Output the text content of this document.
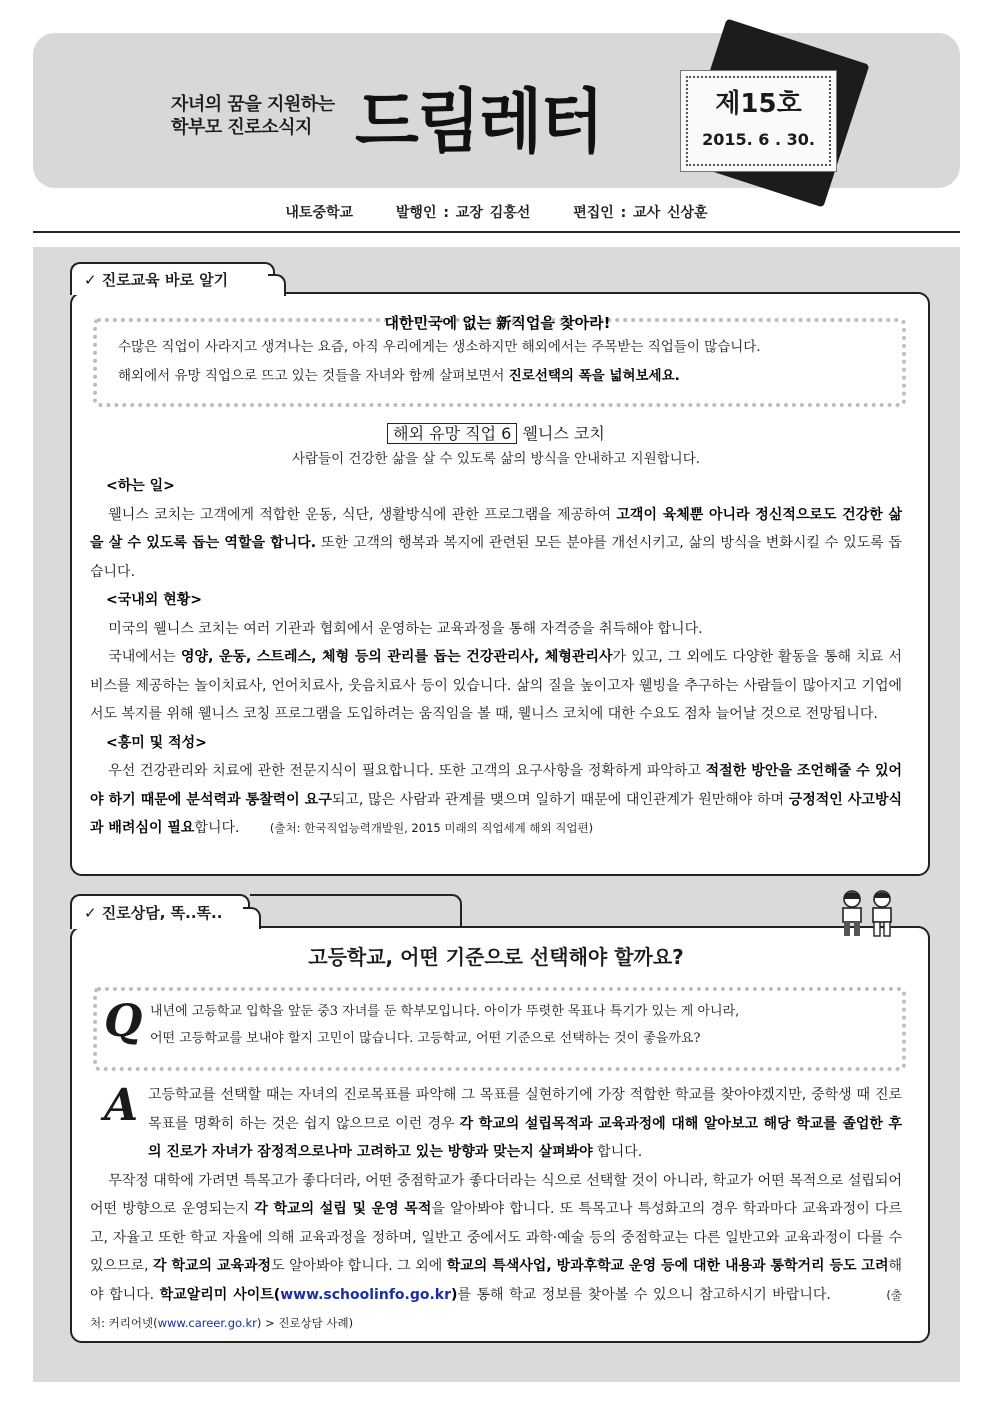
자녀의 꿈을 지원하는
학부모 진로소식지 드림레터	제15호
2015. 6 . 30.
내토중학교	발행인 : 교장 김홍선	편집인 : 교사 신상훈
✓ 진로교육 바로 알기
대한민국에 없는 新직업을 찾아라!

수많은 직업이 사라지고 생겨나는 요즘, 아직 우리에게는 생소하지만 해외에서는 주목받는 직업들이 많습니다.

해외에서 유망 직업으로 뜨고 있는 것들을 자녀와 함께 살펴보면서 진로선택의 폭을 넓혀보세요.

해외 유망 직업 6 웰니스 코치
사람들이 건강한 삶을 살 수 있도록 삶의 방식을 안내하고 지원합니다.

<하는 일>

웰니스 코치는 고객에게 적합한 운동, 식단, 생활방식에 관한 프로그램을 제공하여 고객이 육체뿐 아니라 정신적으로도 건강한 삶을 살 수 있도록 돕는 역할을 합니다. 또한 고객의 행복과 복지에 관련된 모든 분야를 개선시키고, 삶의 방식을 변화시킬 수 있도록 돕습니다.

<국내외 현황>

미국의 웰니스 코치는 여러 기관과 협회에서 운영하는 교육과정을 통해 자격증을 취득해야 합니다.

국내에서는 영양, 운동, 스트레스, 체형 등의 관리를 돕는 건강관리사, 체형관리사가 있고, 그 외에도 다양한 활동을 통해 치료 서비스를 제공하는 놀이치료사, 언어치료사, 웃음치료사 등이 있습니다. 삶의 질을 높이고자 웰빙을 추구하는 사람들이 많아지고 기업에서도 복지를 위해 웰니스 코칭 프로그램을 도입하려는 움직임을 볼 때, 웰니스 코치에 대한 수요도 점차 늘어날 것으로 전망됩니다.

<흥미 및 적성>

우선 건강관리와 치료에 관한 전문지식이 필요합니다. 또한 고객의 요구사항을 정확하게 파악하고 적절한 방안을 조언해줄 수 있어야 하기 때문에 분석력과 통찰력이 요구되고, 많은 사람과 관계를 맺으며 일하기 때문에 대인관계가 원만해야 하며 긍정적인 사고방식과 배려심이 필요합니다.	(출처: 한국직업능력개발원, 2015 미래의 직업세계 해외 직업편)

✓ 진로상담, 똑..똑..
고등학교, 어떤 기준으로 선택해야 할까요?
Q 내년에 고등학교 입학을 앞둔 중3 자녀를 둔 학부모입니다. 아이가 뚜렷한 목표나 특기가 있는 게 아니라,

어떤 고등학교를 보내야 할지 고민이 많습니다. 고등학교, 어떤 기준으로 선택하는 것이 좋을까요?

A 고등학교를 선택할 때는 자녀의 진로목표를 파악해 그 목표를 실현하기에 가장 적합한 학교를 찾아야겠지만, 중학생 때 진로목표를 명확히 하는 것은 쉽지 않으므로 이런 경우 각 학교의 설립목적과 교육과정에 대해 알아보고 해당 학교를 졸업한 후의 진로가 자녀가 잠정적으로나마 고려하고 있는 방향과 맞는지 살펴봐야 합니다.

무작정 대학에 가려면 특목고가 좋다더라, 어떤 중점학교가 좋다더라는 식으로 선택할 것이 아니라, 학교가 어떤 목적으로 설립되어 어떤 방향으로 운영되는지 각 학교의 설립 및 운영 목적을 알아봐야 합니다. 또 특목고나 특성화고의 경우 학과마다 교육과정이 다르고, 자율고 또한 학교 자율에 의해 교육과정을 정하며, 일반고 중에서도 과학·예술 등의 중점학교는 다른 일반고와 교육과정이 다를 수 있으므로, 각 학교의 교육과정도 알아봐야 합니다. 그 외에 학교의 특색사업, 방과후학교 운영 등에 대한 내용과 통학거리 등도 고려해야 합니다. 학교알리미 사이트(www.schoolinfo.go.kr)를 통해 학교 정보를 찾아볼 수 있으니 참고하시기 바랍니다.	(출처: 커리어넷(www.career.go.kr) > 진로상담 사례)
